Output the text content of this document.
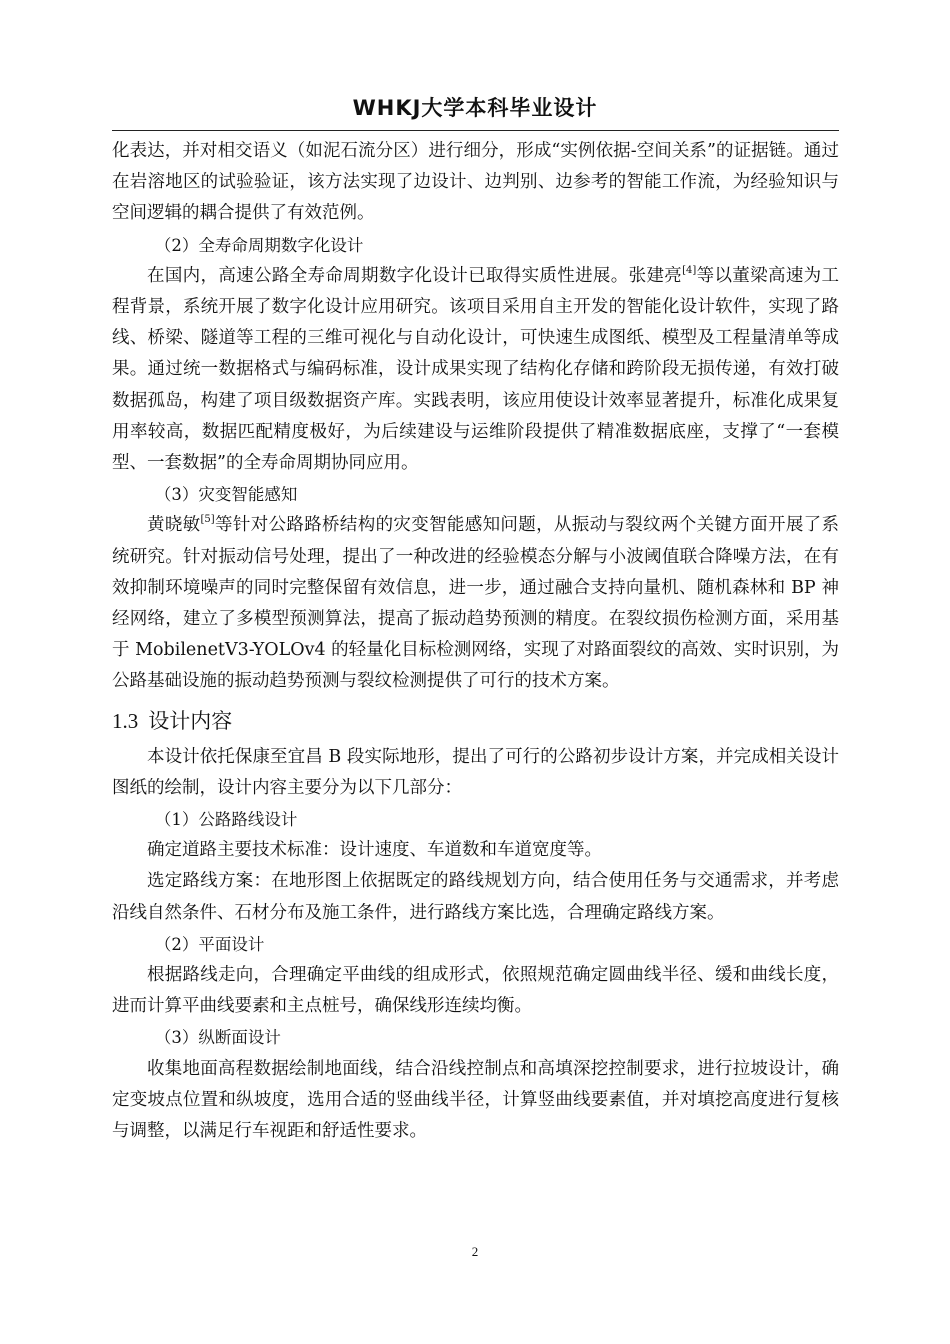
WHKJ大学本科毕业设计

化表达，并对相交语义（如泥石流分区）进行细分，形成“实例依据-空间关系”的证据链。通过在岩溶地区的试验验证，该方法实现了边设计、边判别、边参考的智能工作流，为经验知识与空间逻辑的耦合提供了有效范例。

（2）全寿命周期数字化设计

在国内，高速公路全寿命周期数字化设计已取得实质性进展。张建亮[4]等以董梁高速为工程背景，系统开展了数字化设计应用研究。该项目采用自主开发的智能化设计软件，实现了路线、桥梁、隧道等工程的三维可视化与自动化设计，可快速生成图纸、模型及工程量清单等成果。通过统一数据格式与编码标准，设计成果实现了结构化存储和跨阶段无损传递，有效打破数据孤岛，构建了项目级数据资产库。实践表明，该应用使设计效率显著提升，标准化成果复用率较高，数据匹配精度极好，为后续建设与运维阶段提供了精准数据底座，支撑了“一套模型、一套数据”的全寿命周期协同应用。

（3）灾变智能感知

黄晓敏[5]等针对公路路桥结构的灾变智能感知问题，从振动与裂纹两个关键方面开展了系统研究。针对振动信号处理，提出了一种改进的经验模态分解与小波阈值联合降噪方法，在有效抑制环境噪声的同时完整保留有效信息，进一步，通过融合支持向量机、随机森林和 BP 神经网络，建立了多模型预测算法，提高了振动趋势预测的精度。在裂纹损伤检测方面，采用基于 MobilenetV3-YOLOv4 的轻量化目标检测网络，实现了对路面裂纹的高效、实时识别，为公路基础设施的振动趋势预测与裂纹检测提供了可行的技术方案。

1.3 设计内容

本设计依托保康至宜昌 B 段实际地形，提出了可行的公路初步设计方案，并完成相关设计图纸的绘制，设计内容主要分为以下几部分：

（1）公路路线设计

确定道路主要技术标准：设计速度、车道数和车道宽度等。

选定路线方案：在地形图上依据既定的路线规划方向，结合使用任务与交通需求，并考虑沿线自然条件、石材分布及施工条件，进行路线方案比选，合理确定路线方案。

（2）平面设计

根据路线走向，合理确定平曲线的组成形式，依照规范确定圆曲线半径、缓和曲线长度，进而计算平曲线要素和主点桩号，确保线形连续均衡。

（3）纵断面设计

收集地面高程数据绘制地面线，结合沿线控制点和高填深挖控制要求，进行拉坡设计，确定变坡点位置和纵坡度，选用合适的竖曲线半径，计算竖曲线要素值，并对填挖高度进行复核与调整，以满足行车视距和舒适性要求。

2
